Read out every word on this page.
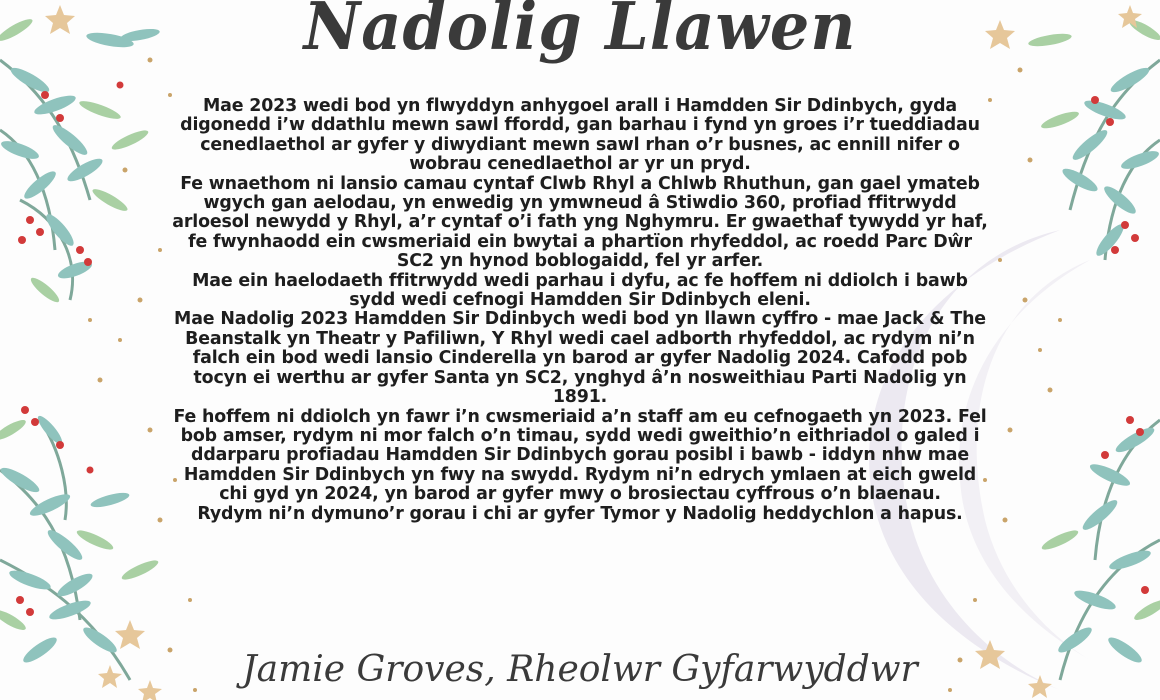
Nadolig Llawen

Mae 2023 wedi bod yn flwyddyn anhygoel arall i Hamdden Sir Ddinbych, gyda digonedd i’w ddathlu mewn sawl ffordd, gan barhau i fynd yn groes i’r tueddiadau cenedlaethol ar gyfer y diwydiant mewn sawl rhan o’r busnes, ac ennill nifer o wobrau cenedlaethol ar yr un pryd.

Fe wnaethom ni lansio camau cyntaf Clwb Rhyl a Chlwb Rhuthun, gan gael ymateb wgych gan aelodau, yn enwedig yn ymwneud â Stiwdio 360, profiad ffitrwydd arloesol newydd y Rhyl, a’r cyntaf o’i fath yng Nghymru. Er gwaethaf tywydd yr haf, fe fwynhaodd ein cwsmeriaid ein bwytai a phartïon rhyfeddol, ac roedd Parc Dŵr SC2 yn hynod boblogaidd, fel yr arfer.

Mae ein haelodaeth ffitrwydd wedi parhau i dyfu, ac fe hoffem ni ddiolch i bawb sydd wedi cefnogi Hamdden Sir Ddinbych eleni.

Mae Nadolig 2023 Hamdden Sir Ddinbych wedi bod yn llawn cyffro - mae Jack & The Beanstalk yn Theatr y Pafiliwn, Y Rhyl wedi cael adborth rhyfeddol, ac rydym ni’n falch ein bod wedi lansio Cinderella yn barod ar gyfer Nadolig 2024. Cafodd pob tocyn ei werthu ar gyfer Santa yn SC2, ynghyd â’n nosweithiau Parti Nadolig yn 1891.

Fe hoffem ni ddiolch yn fawr i’n cwsmeriaid a’n staff am eu cefnogaeth yn 2023. Fel bob amser, rydym ni mor falch o’n timau, sydd wedi gweithio’n eithriadol o galed i ddarparu profiadau Hamdden Sir Ddinbych gorau posibl i bawb - iddyn nhw mae Hamdden Sir Ddinbych yn fwy na swydd. Rydym ni’n edrych ymlaen at eich gweld chi gyd yn 2024, yn barod ar gyfer mwy o brosiectau cyffrous o’n blaenau.

Rydym ni’n dymuno’r gorau i chi ar gyfer Tymor y Nadolig heddychlon a hapus.

Jamie Groves, Rheolwr Gyfarwyddwr
